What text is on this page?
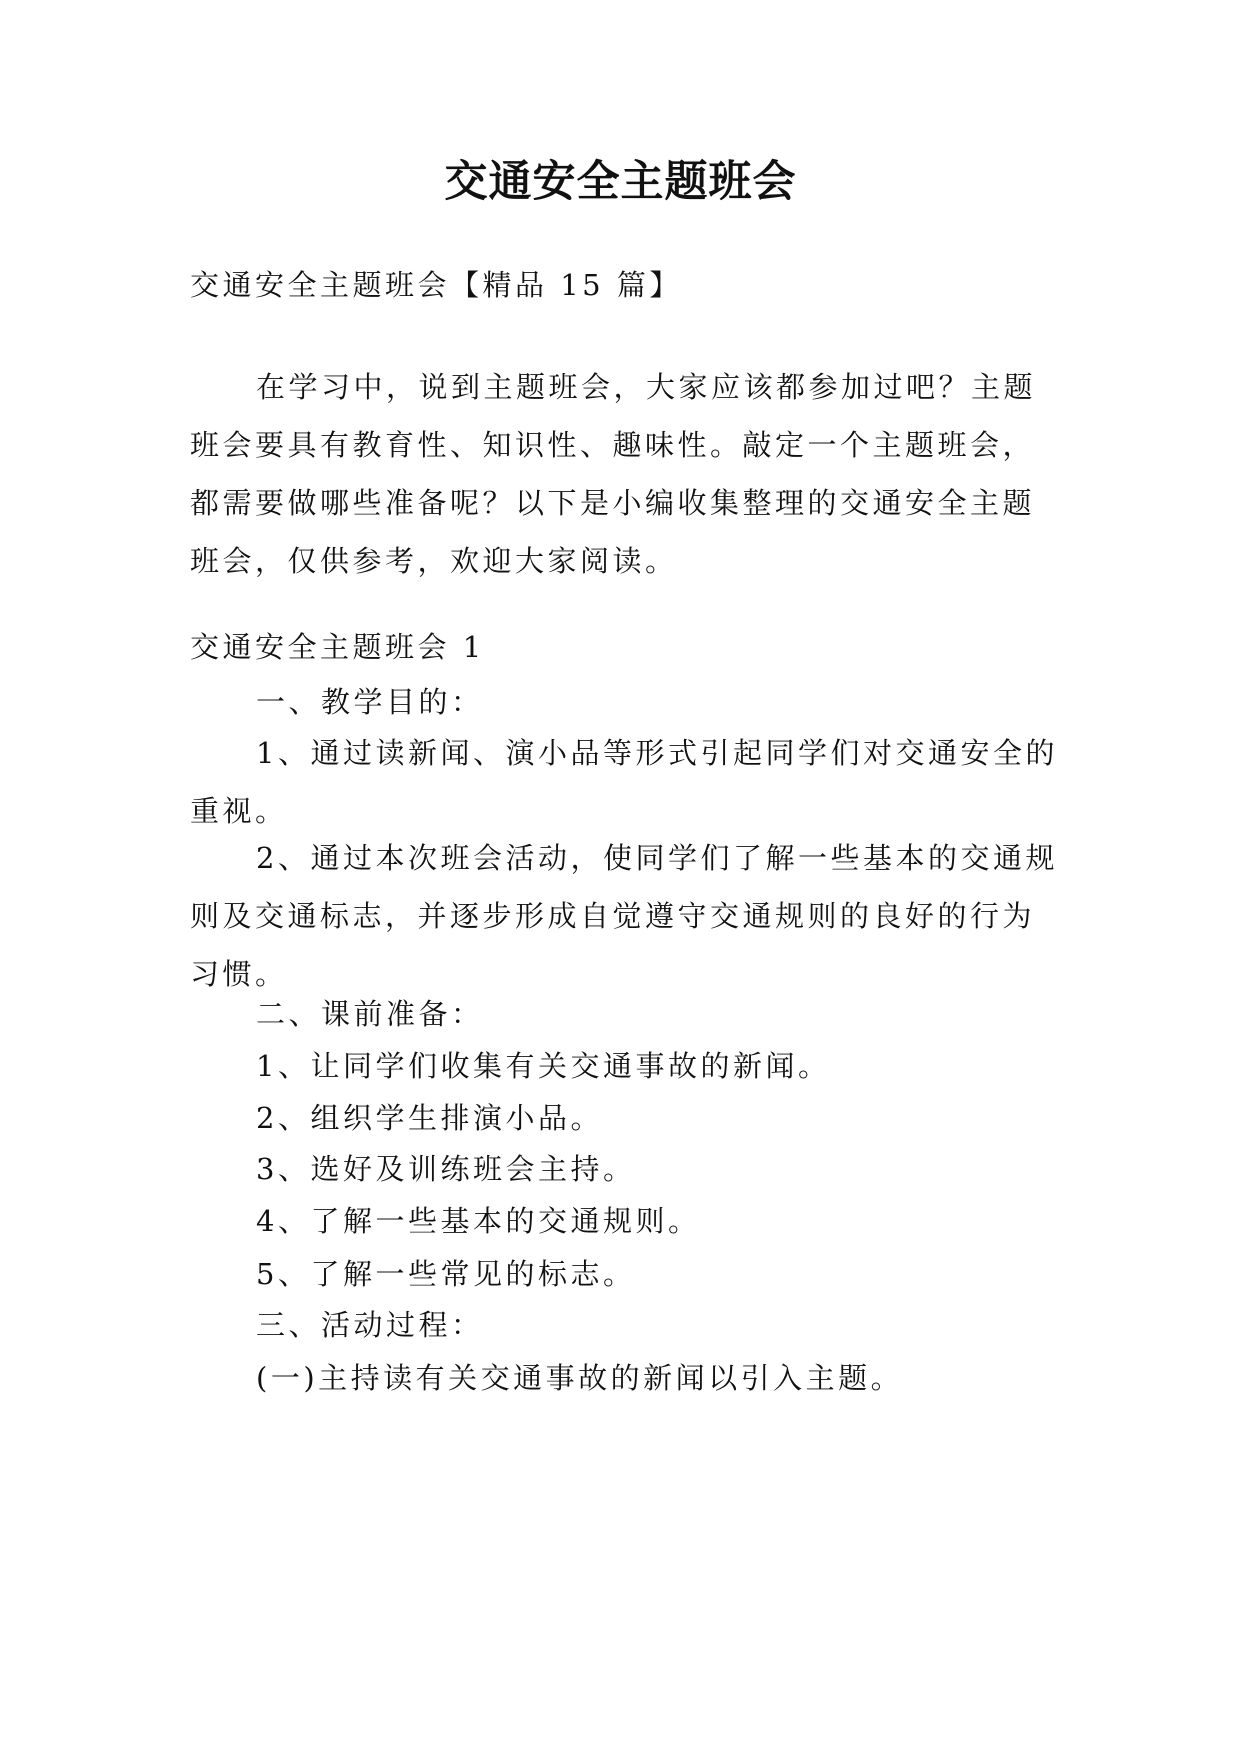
交通安全主题班会

交通安全主题班会【精品 15 篇】

在学习中，说到主题班会，大家应该都参加过吧？主题班会要具有教育性、知识性、趣味性。敲定一个主题班会，都需要做哪些准备呢？以下是小编收集整理的交通安全主题班会，仅供参考，欢迎大家阅读。

交通安全主题班会 1

一、教学目的：

1、通过读新闻、演小品等形式引起同学们对交通安全的重视。

2、通过本次班会活动，使同学们了解一些基本的交通规则及交通标志，并逐步形成自觉遵守交通规则的良好的行为习惯。

二、课前准备：

1、让同学们收集有关交通事故的新闻。

2、组织学生排演小品。

3、选好及训练班会主持。

4、了解一些基本的交通规则。

5、了解一些常见的标志。

三、活动过程：

(一)主持读有关交通事故的新闻以引入主题。
